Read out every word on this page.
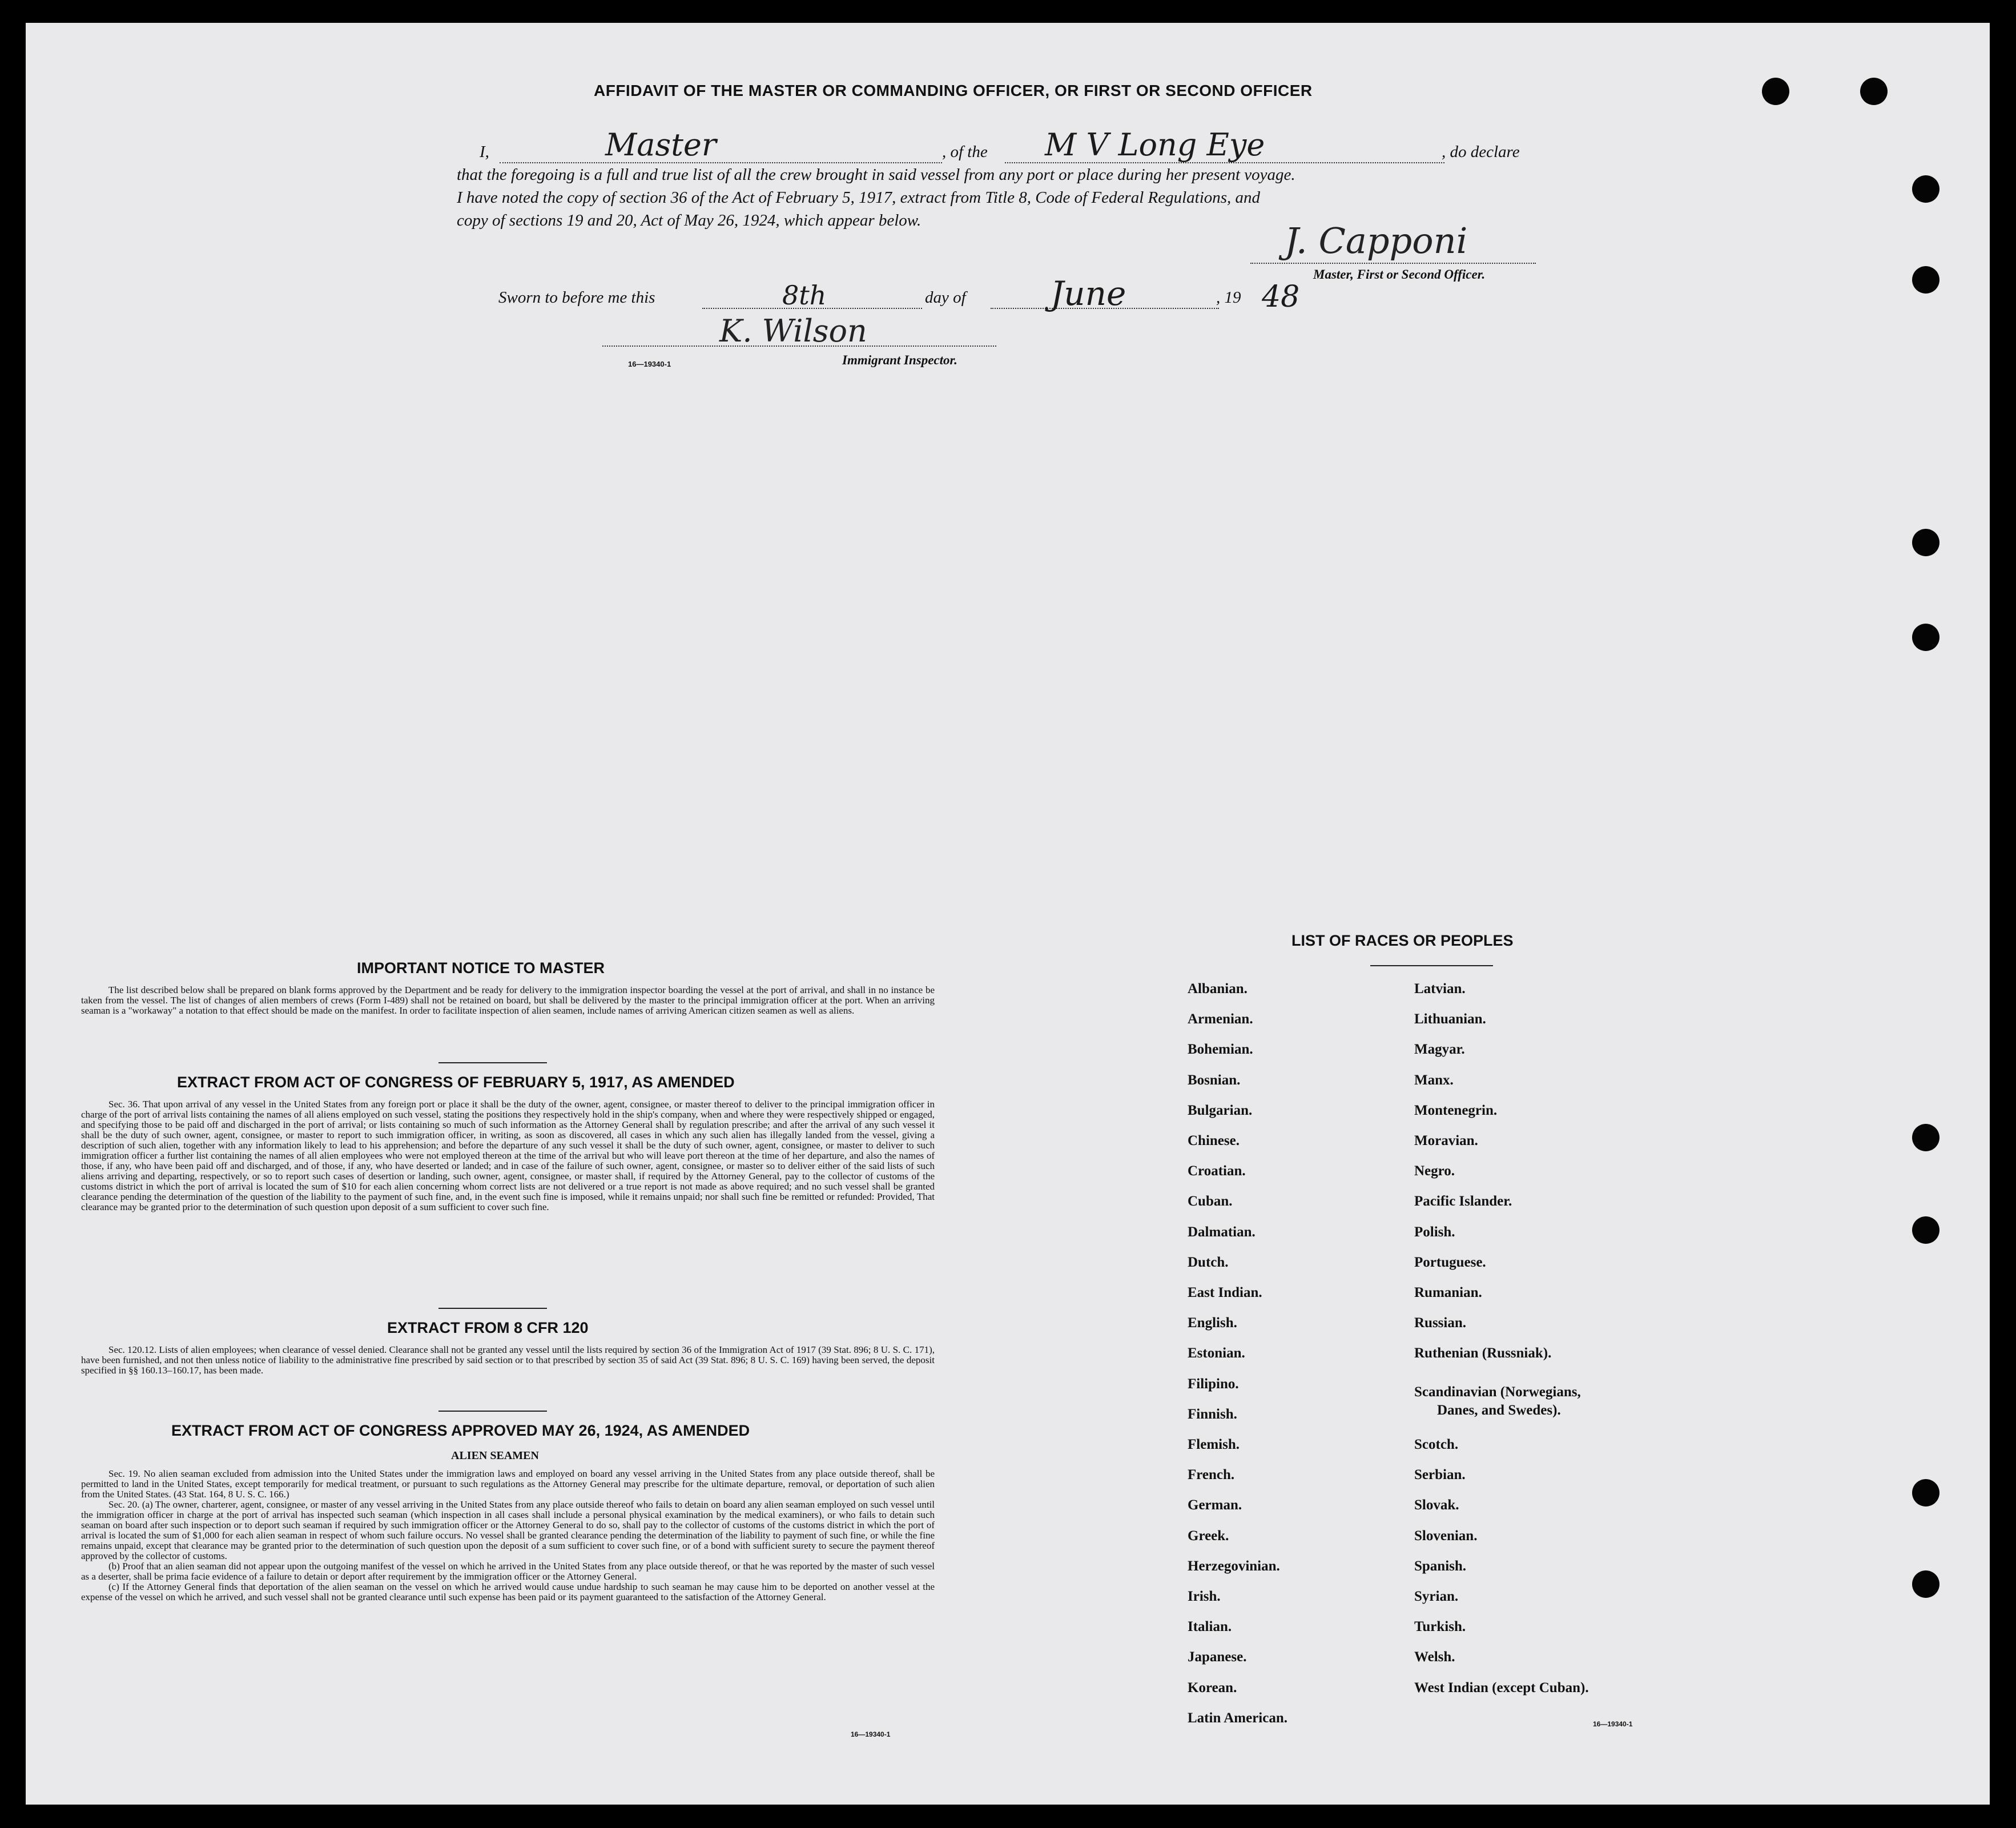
AFFIDAVIT OF THE MASTER OR COMMANDING OFFICER, OR FIRST OR SECOND OFFICER
I,	Master	, of the M V Long Eye	, do declare
that the foregoing is a full and true list of all the crew brought in said vessel from any port or place during her present voyage.
I have noted the copy of section 36 of the Act of February 5, 1917, extract from Title 8, Code of Federal Regulations, and
copy of sections 19 and 20, Act of May 26, 1924, which appear below.	J. Capponi
Master, First or Second Officer.
Sworn to before me this	8th	day of	June	, 19 48
K. Wilson
16—19340-1	Immigrant Inspector.
IMPORTANT NOTICE TO MASTER

The list described below shall be prepared on blank forms approved by the Department and be ready for delivery to the immigration inspector boarding the vessel at the port of arrival, and shall in no instance be taken from the vessel. The list of changes of alien members of crews (Form I-489) shall not be retained on board, but shall be delivered by the master to the principal immigration officer at the port. When an arriving seaman is a "workaway" a notation to that effect should be made on the manifest. In order to facilitate inspection of alien seamen, include names of arriving American citizen seamen as well as aliens.

EXTRACT FROM ACT OF CONGRESS OF FEBRUARY 5, 1917, AS AMENDED

Sec. 36. That upon arrival of any vessel in the United States from any foreign port or place it shall be the duty of the owner, agent, consignee, or master thereof to deliver to the principal immigration officer in charge of the port of arrival lists containing the names of all aliens employed on such vessel, stating the positions they respectively hold in the ship's company, when and where they were respectively shipped or engaged, and specifying those to be paid off and discharged in the port of arrival; or lists containing so much of such information as the Attorney General shall by regulation prescribe; and after the arrival of any such vessel it shall be the duty of such owner, agent, consignee, or master to report to such immigration officer, in writing, as soon as discovered, all cases in which any such alien has illegally landed from the vessel, giving a description of such alien, together with any information likely to lead to his apprehension; and before the departure of any such vessel it shall be the duty of such owner, agent, consignee, or master to deliver to such immigration officer a further list containing the names of all alien employees who were not employed thereon at the time of the arrival but who will leave port thereon at the time of her departure, and also the names of those, if any, who have been paid off and discharged, and of those, if any, who have deserted or landed; and in case of the failure of such owner, agent, consignee, or master so to deliver either of the said lists of such aliens arriving and departing, respectively, or so to report such cases of desertion or landing, such owner, agent, consignee, or master shall, if required by the Attorney General, pay to the collector of customs of the customs district in which the port of arrival is located the sum of $10 for each alien concerning whom correct lists are not delivered or a true report is not made as above required; and no such vessel shall be granted clearance pending the determination of the question of the liability to the payment of such fine, and, in the event such fine is imposed, while it remains unpaid; nor shall such fine be remitted or refunded: Provided, That clearance may be granted prior to the determination of such question upon deposit of a sum sufficient to cover such fine.

EXTRACT FROM 8 CFR 120

Sec. 120.12. Lists of alien employees; when clearance of vessel denied. Clearance shall not be granted any vessel until the lists required by section 36 of the Immigration Act of 1917 (39 Stat. 896; 8 U. S. C. 171), have been furnished, and not then unless notice of liability to the administrative fine prescribed by said section or to that prescribed by section 35 of said Act (39 Stat. 896; 8 U. S. C. 169) having been served, the deposit specified in §§ 160.13–160.17, has been made.

EXTRACT FROM ACT OF CONGRESS APPROVED MAY 26, 1924, AS AMENDED
ALIEN SEAMEN

Sec. 19. No alien seaman excluded from admission into the United States under the immigration laws and employed on board any vessel arriving in the United States from any place outside thereof, shall be permitted to land in the United States, except temporarily for medical treatment, or pursuant to such regulations as the Attorney General may prescribe for the ultimate departure, removal, or deportation of such alien from the United States. (43 Stat. 164, 8 U. S. C. 166.)

Sec. 20. (a) The owner, charterer, agent, consignee, or master of any vessel arriving in the United States from any place outside thereof who fails to detain on board any alien seaman employed on such vessel until the immigration officer in charge at the port of arrival has inspected such seaman (which inspection in all cases shall include a personal physical examination by the medical examiners), or who fails to detain such seaman on board after such inspection or to deport such seaman if required by such immigration officer or the Attorney General to do so, shall pay to the collector of customs of the customs district in which the port of arrival is located the sum of $1,000 for each alien seaman in respect of whom such failure occurs. No vessel shall be granted clearance pending the determination of the liability to payment of such fine, or while the fine remains unpaid, except that clearance may be granted prior to the determination of such question upon the deposit of a sum sufficient to cover such fine, or of a bond with sufficient surety to secure the payment thereof approved by the collector of customs.

(b) Proof that an alien seaman did not appear upon the outgoing manifest of the vessel on which he arrived in the United States from any place outside thereof, or that he was reported by the master of such vessel as a deserter, shall be prima facie evidence of a failure to detain or deport after requirement by the immigration officer or the Attorney General.

(c) If the Attorney General finds that deportation of the alien seaman on the vessel on which he arrived would cause undue hardship to such seaman he may cause him to be deported on another vessel at the expense of the vessel on which he arrived, and such vessel shall not be granted clearance until such expense has been paid or its payment guaranteed to the satisfaction of the Attorney General.

16—19340-1
LIST OF RACES OR PEOPLES
16—19340-1
Albanian.
Armenian.
Bohemian.
Bosnian.
Bulgarian.
Chinese.
Croatian.
Cuban.
Dalmatian.
Dutch.
East Indian.
English.
Estonian.
Filipino.
Finnish.
Flemish.
French.
German.
Greek.
Herzegovinian.
Irish.
Italian.
Japanese.
Korean.
Latin American.
Latvian.
Lithuanian.
Magyar.
Manx.
Montenegrin.
Moravian.
Negro.
Pacific Islander.
Polish.
Portuguese.
Rumanian.
Russian.
Ruthenian (Russniak).
Scandinavian (Norwegians,
Danes, and Swedes).
Scotch.
Serbian.
Slovak.
Slovenian.
Spanish.
Syrian.
Turkish.
Welsh.
West Indian (except Cuban).
